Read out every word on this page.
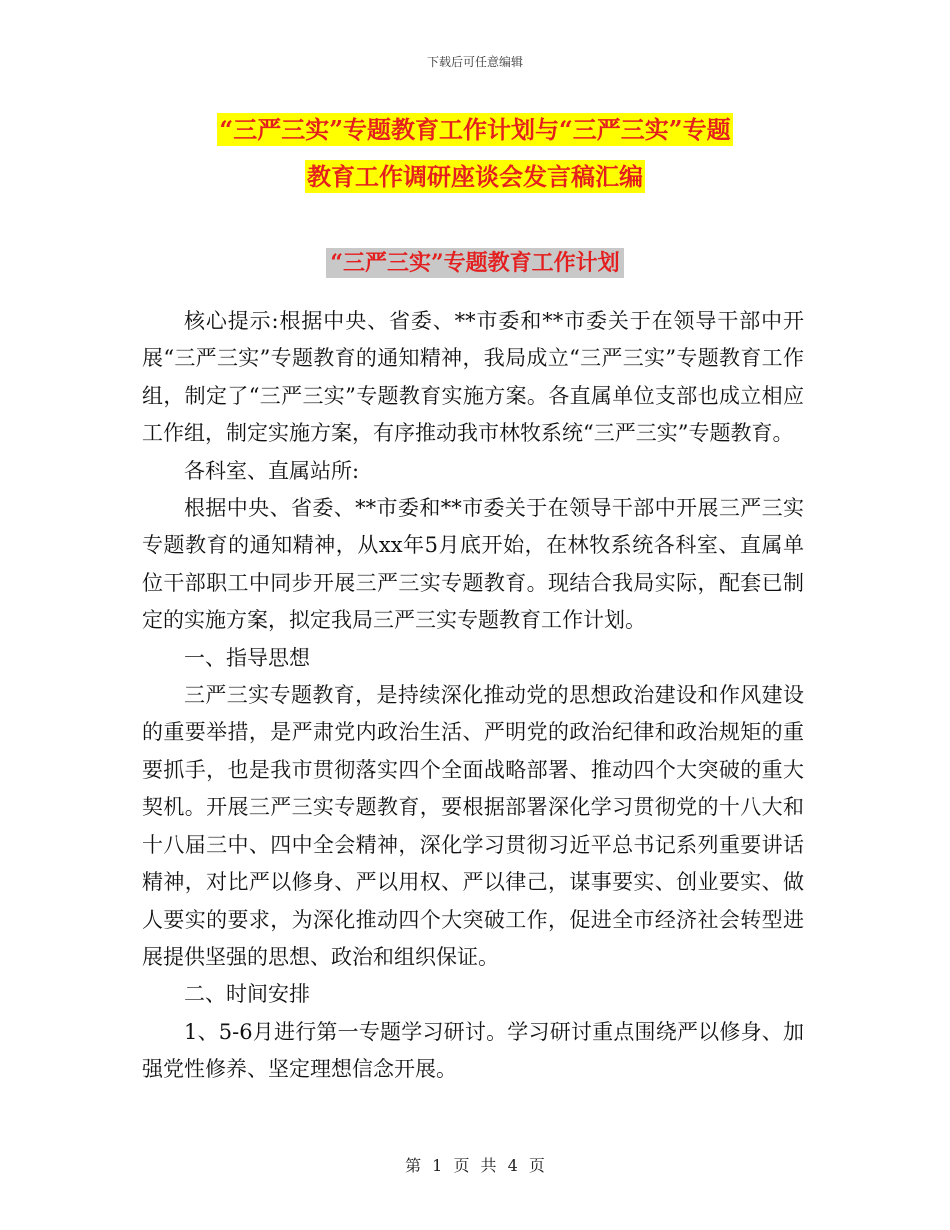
下载后可任意编辑
“三严三实”专题教育工作计划与“三严三实”专题
教育工作调研座谈会发言稿汇编
“三严三实”专题教育工作计划

核心提示:根据中央、省委、**市委和**市委关于在领导干部中开展“三严三实”专题教育的通知精神，我局成立“三严三实”专题教育工作组，制定了“三严三实”专题教育实施方案。各直属单位支部也成立相应工作组，制定实施方案，有序推动我市林牧系统“三严三实”专题教育。

各科室、直属站所:

根据中央、省委、**市委和**市委关于在领导干部中开展三严三实专题教育的通知精神，从xx年5月底开始，在林牧系统各科室、直属单位干部职工中同步开展三严三实专题教育。现结合我局实际，配套已制定的实施方案，拟定我局三严三实专题教育工作计划。

一、指导思想

三严三实专题教育，是持续深化推动党的思想政治建设和作风建设的重要举措，是严肃党内政治生活、严明党的政治纪律和政治规矩的重要抓手，也是我市贯彻落实四个全面战略部署、推动四个大突破的重大契机。开展三严三实专题教育，要根据部署深化学习贯彻党的十八大和十八届三中、四中全会精神，深化学习贯彻习近平总书记系列重要讲话精神，对比严以修身、严以用权、严以律己，谋事要实、创业要实、做人要实的要求，为深化推动四个大突破工作，促进全市经济社会转型进展提供坚强的思想、政治和组织保证。

二、时间安排

1、5-6月进行第一专题学习研讨。学习研讨重点围绕严以修身、加强党性修养、坚定理想信念开展。

第 1 页 共 4 页
